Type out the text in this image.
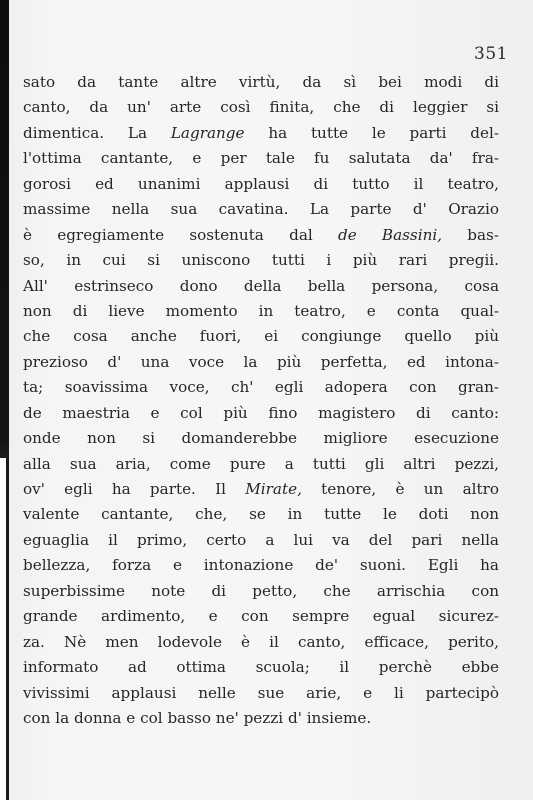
351
sato da tante altre virtù, da sì bei modi di
canto, da un' arte così finita, che di leggier si
dimentica. La Lagrange ha tutte le parti del-
l'ottima cantante, e per tale fu salutata da' fra-
gorosi ed unanimi applausi di tutto il teatro,
massime nella sua cavatina. La parte d' Orazio
è egregiamente sostenuta dal de Bassini, bas-
so, in cui si uniscono tutti i più rari pregii.
All' estrinseco dono della bella persona, cosa
non di lieve momento in teatro, e conta qual-
che cosa anche fuori, ei congiunge quello più
prezioso d' una voce la più perfetta, ed intona-
ta; soavissima voce, ch' egli adopera con gran-
de maestria e col più fino magistero di canto:
onde non si domanderebbe migliore esecuzione
alla sua aria, come pure a tutti gli altri pezzi,
ov' egli ha parte. Il Mirate, tenore, è un altro
valente cantante, che, se in tutte le doti non
eguaglia il primo, certo a lui va del pari nella
bellezza, forza e intonazione de' suoni. Egli ha
superbissime note di petto, che arrischia con
grande ardimento, e con sempre egual sicurez-
za. Nè men lodevole è il canto, efficace, perito,
informato ad ottima scuola; il perchè ebbe
vivissimi applausi nelle sue arie, e li partecipò
con la donna e col basso ne' pezzi d' insieme.
